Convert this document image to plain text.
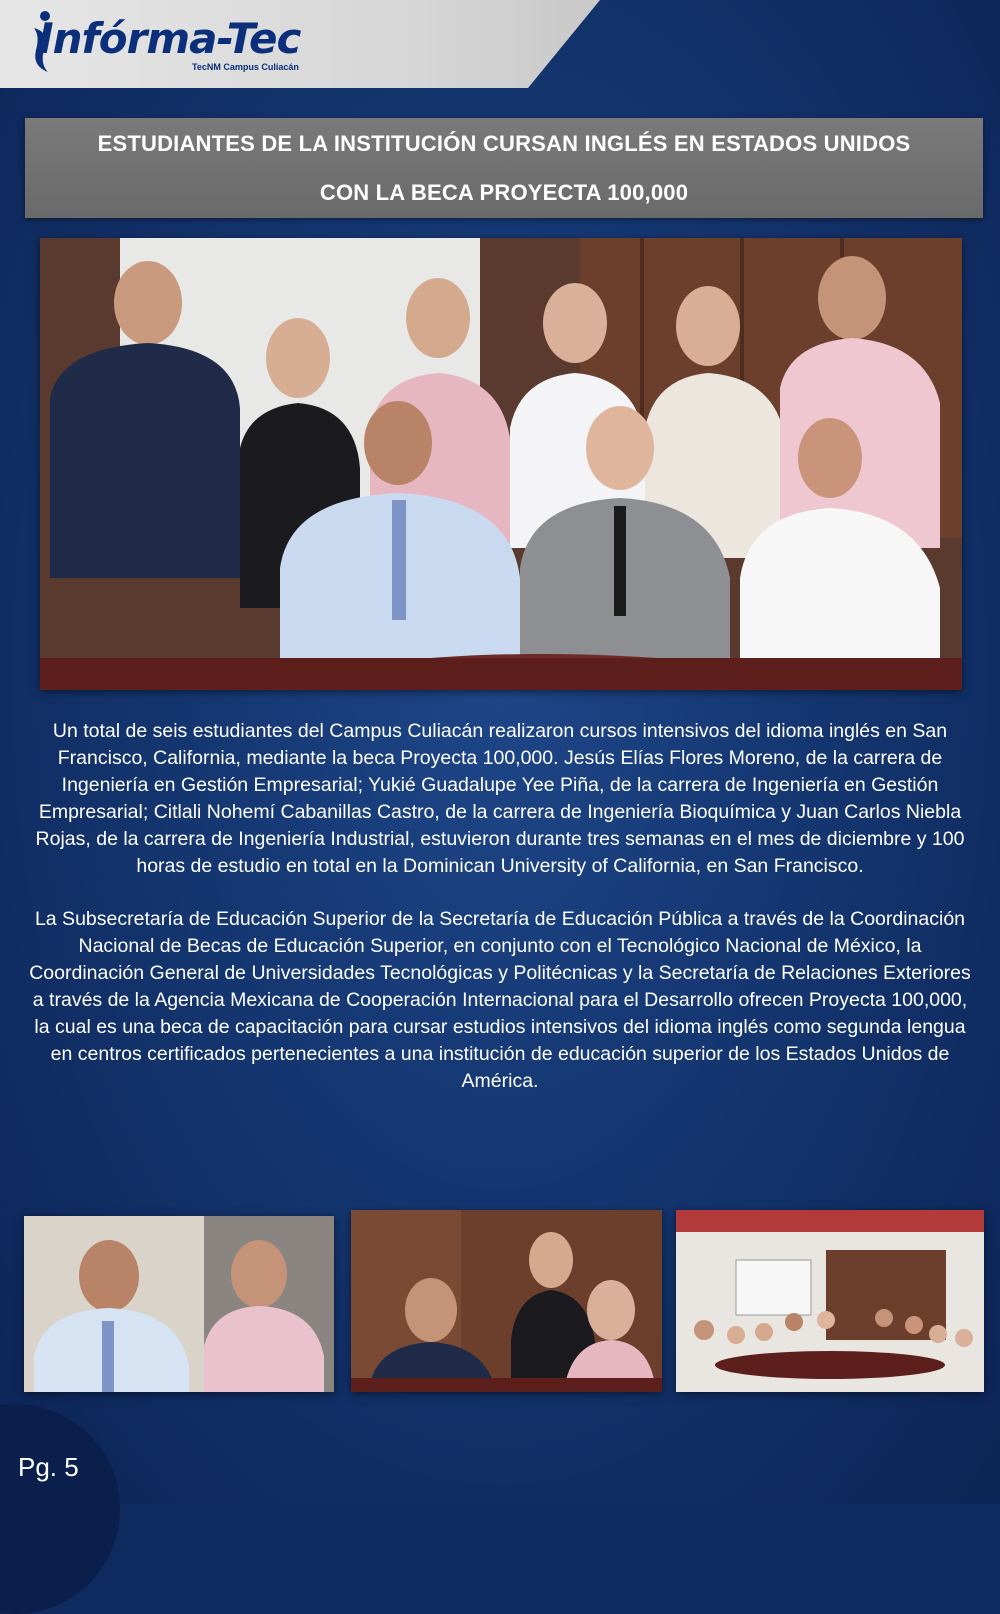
Infórma-Tec
TecNM Campus Culiacán
ESTUDIANTES DE LA INSTITUCIÓN CURSAN INGLÉS EN ESTADOS UNIDOS
CON LA BECA PROYECTA 100,000

Un total de seis estudiantes del Campus Culiacán realizaron cursos intensivos del idioma inglés en San Francisco, California, mediante la beca Proyecta 100,000. Jesús Elías Flores Moreno, de la carrera de Ingeniería en Gestión Empresarial; Yukié Guadalupe Yee Piña, de la carrera de Ingeniería en Gestión Empresarial; Citlali Nohemí Cabanillas Castro, de la carrera de Ingeniería Bioquímica y Juan Carlos Niebla Rojas, de la carrera de Ingeniería Industrial, estuvieron durante tres semanas en el mes de diciembre y 100 horas de estudio en total en la Dominican University of California, en San Francisco.

La Subsecretaría de Educación Superior de la Secretaría de Educación Pública a través de la Coordinación Nacional de Becas de Educación Superior, en conjunto con el Tecnológico Nacional de México, la Coordinación General de Universidades Tecnológicas y Politécnicas y la Secretaría de Relaciones Exteriores a través de la Agencia Mexicana de Cooperación Internacional para el Desarrollo ofrecen Proyecta 100,000, la cual es una beca de capacitación para cursar estudios intensivos del idioma inglés como segunda lengua en centros certificados pertenecientes a una institución de educación superior de los Estados Unidos de América.

Pg. 5
